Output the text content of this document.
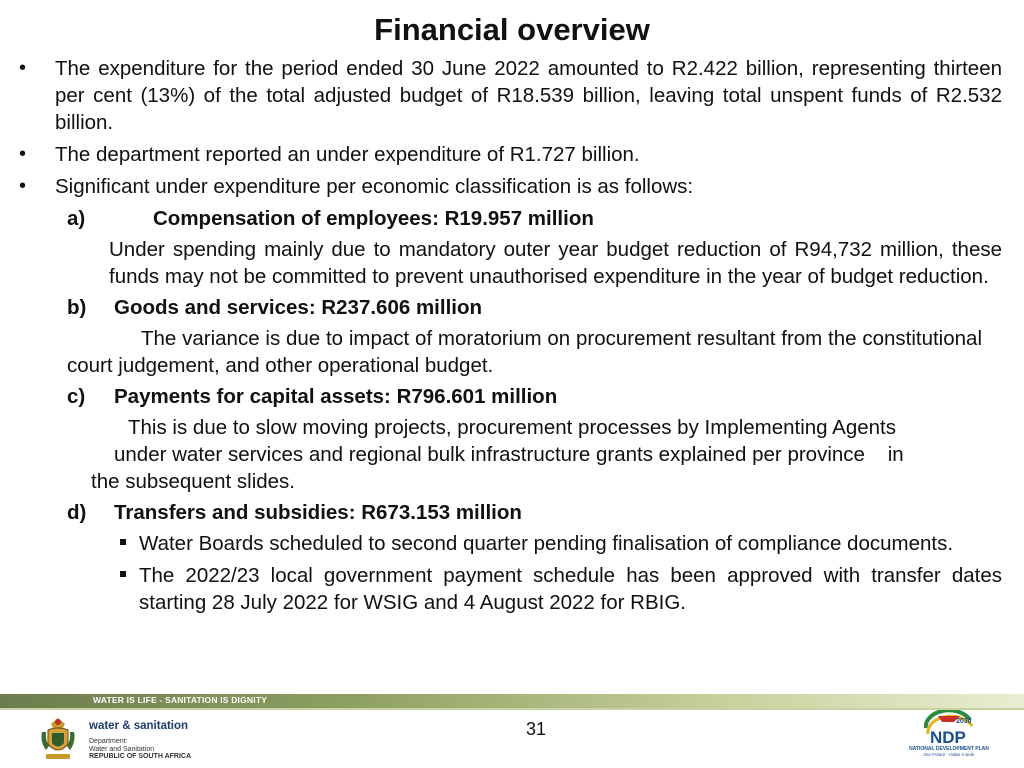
Financial overview
• The expenditure for the period ended 30 June 2022 amounted to R2.422 billion, representing thirteen per cent (13%) of the total adjusted budget of R18.539 billion, leaving total unspent funds of R2.532 billion.
• The department reported an under expenditure of R1.727 billion.
• Significant under expenditure per economic classification is as follows:
a)	Compensation of employees: R19.957 million
Under spending mainly due to mandatory outer year budget reduction of R94,732 million, these funds may not be committed to prevent unauthorised expenditure in the year of budget reduction.
b) Goods and services: R237.606 million
The variance is due to impact of moratorium on procurement resultant from the constitutional court judgement, and other operational budget.
c) Payments for capital assets: R796.601 million
This is due to slow moving projects, procurement processes by Implementing Agents
under water services and regional bulk infrastructure grants explained per province    in
the subsequent slides.
d) Transfers and subsidies: R673.153 million
Water Boards scheduled to second quarter pending finalisation of compliance documents.
The 2022/23 local government payment schedule has been approved with transfer dates starting 28 July 2022 for WSIG and 4 August 2022 for RBIG.
WATER IS LIFE - SANITATION IS DIGNITY
water & sanitation
Department:
Water and Sanitation
REPUBLIC OF SOUTH AFRICA
31	2030
NDP
NATIONAL DEVELOPMENT PLAN
Our Future - make it work
